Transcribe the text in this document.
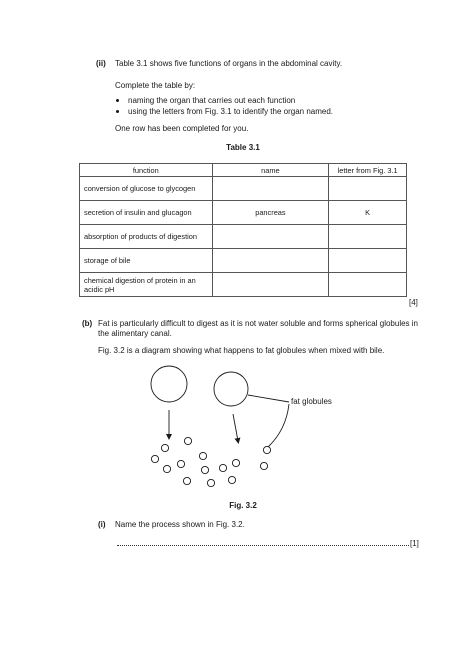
(ii) Table 3.1 shows five functions of organs in the abdominal cavity.
Complete the table by:
naming the organ that carries out each function
using the letters from Fig. 3.1 to identify the organ named.
One row has been completed for you.
Table 3.1
function	name	letter from Fig. 3.1
conversion of glucose to glycogen		
secretion of insulin and glucagon	pancreas	K
absorption of products of digestion		
storage of bile		
chemical digestion of protein in an acidic pH		
[4]
(b) Fat is particularly difficult to digest as it is not water soluble and forms spherical globules in the alimentary canal.
Fig. 3.2 is a diagram showing what happens to fat globules when mixed with bile.
fat globules
Fig. 3.2
(i) Name the process shown in Fig. 3.2.
[1]
